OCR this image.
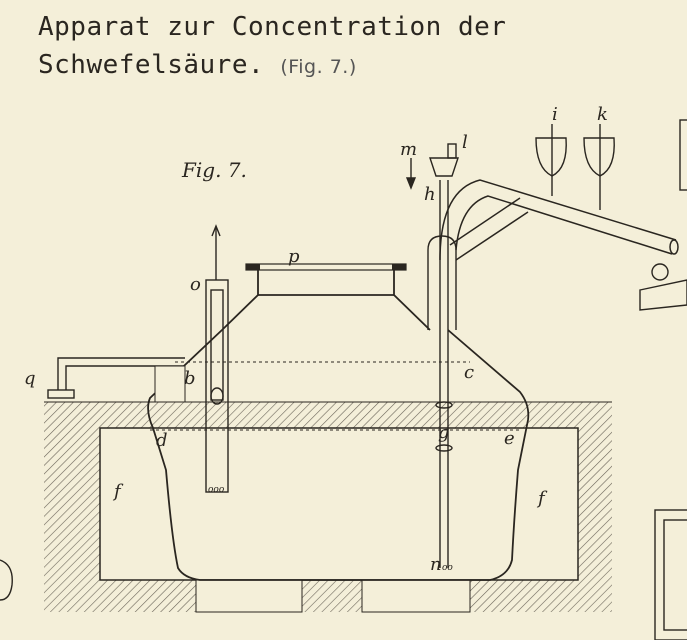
Apparat zur Concentration der
Schwefelsäure. (Fig. 7.)
ooo
oo
Fig. 7.
o
p
m l
h
i k
q	b	c
d	e
g
f	f
n
